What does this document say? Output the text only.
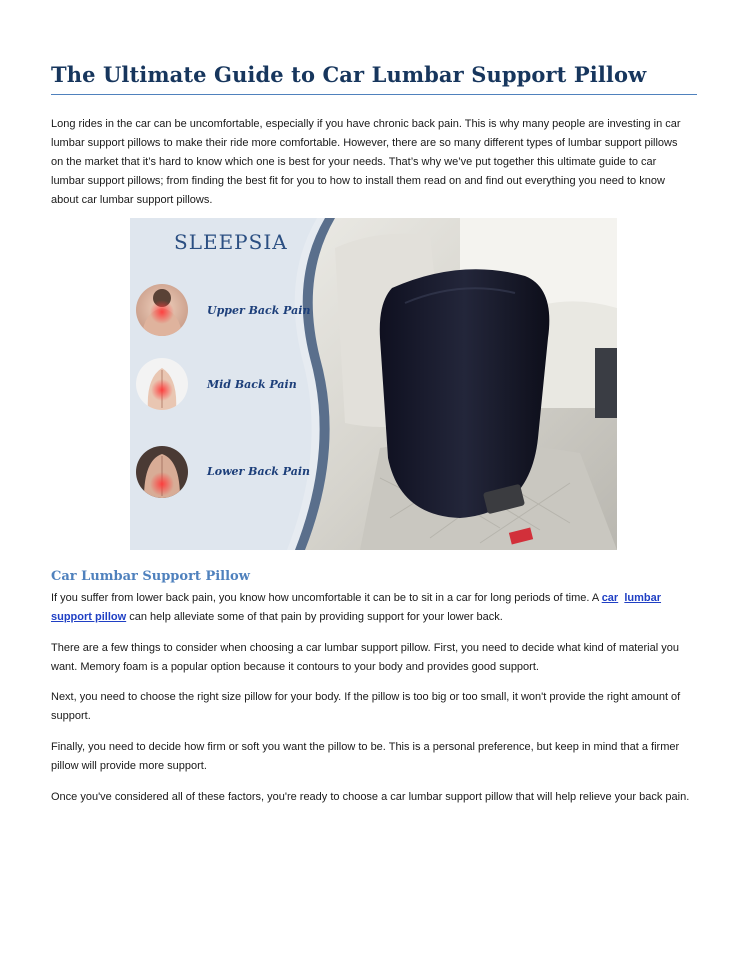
The Ultimate Guide to Car Lumbar Support Pillow

Long rides in the car can be uncomfortable, especially if you have chronic back pain. This is why many people are investing in car lumbar support pillows to make their ride more comfortable. However, there are so many different types of lumbar support pillows on the market that it’s hard to know which one is best for your needs. That’s why we’ve put together this ultimate guide to car lumbar support pillows; from finding the best fit for you to how to install them read on and find out everything you need to know about car lumbar support pillows.

SLEEPSIA
Upper Back Pain
Mid Back Pain
Lower Back Pain
Car Lumbar Support Pillow

If you suffer from lower back pain, you know how uncomfortable it can be to sit in a car for long periods of time. A car lumbar support pillow can help alleviate some of that pain by providing support for your lower back.

There are a few things to consider when choosing a car lumbar support pillow. First, you need to decide what kind of material you want. Memory foam is a popular option because it contours to your body and provides good support.

Next, you need to choose the right size pillow for your body. If the pillow is too big or too small, it won't provide the right amount of support.

Finally, you need to decide how firm or soft you want the pillow to be. This is a personal preference, but keep in mind that a firmer pillow will provide more support.

Once you've considered all of these factors, you're ready to choose a car lumbar support pillow that will help relieve your back pain.
